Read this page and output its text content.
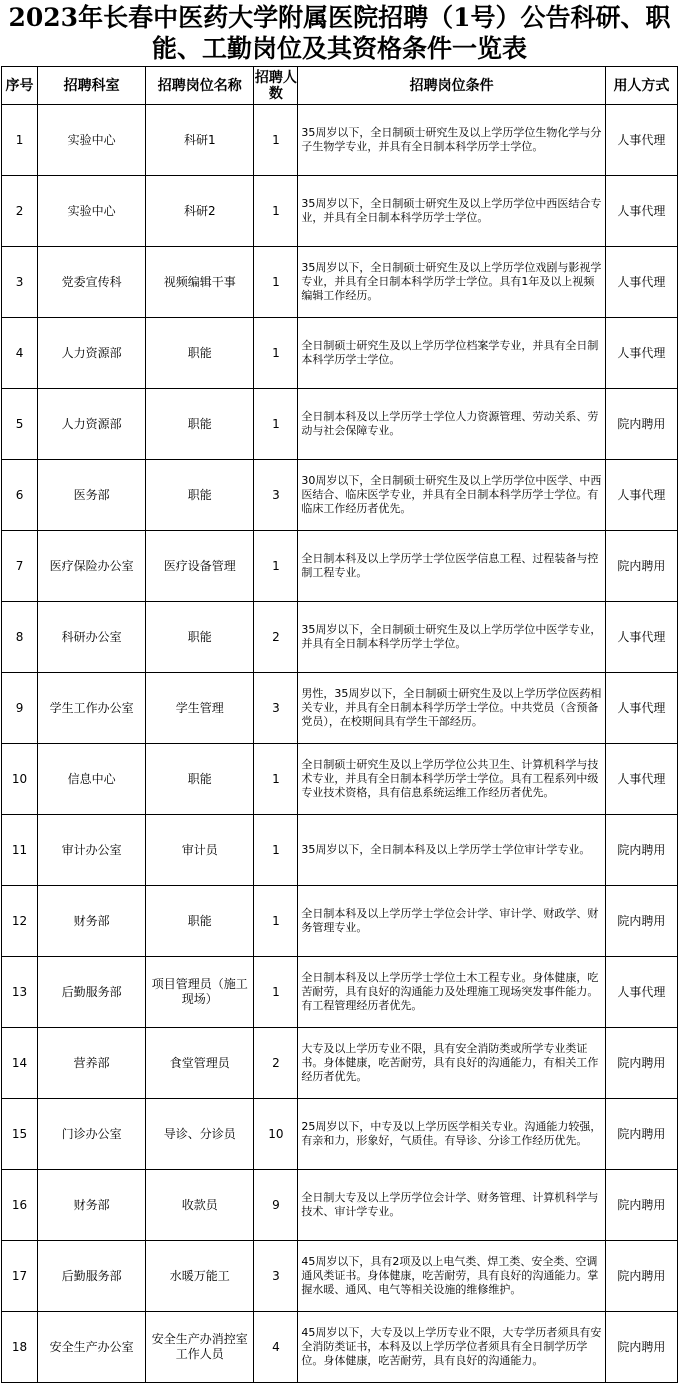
2023年长春中医药大学附属医院招聘（1号）公告科研、职能、工勤岗位及其资格条件一览表
序号	招聘科室	招聘岗位名称	招聘人数	招聘岗位条件	用人方式
1	实验中心	科研1	1	35周岁以下，全日制硕士研究生及以上学历学位生物化学与分子生物学专业，并具有全日制本科学历学士学位。	人事代理
2	实验中心	科研2	1	35周岁以下，全日制硕士研究生及以上学历学位中西医结合专业，并具有全日制本科学历学士学位。	人事代理
3	党委宣传科	视频编辑干事	1	35周岁以下，全日制硕士研究生及以上学历学位戏剧与影视学专业，并具有全日制本科学历学士学位。具有1年及以上视频编辑工作经历。	人事代理
4	人力资源部	职能	1	全日制硕士研究生及以上学历学位档案学专业，并具有全日制本科学历学士学位。	人事代理
5	人力资源部	职能	1	全日制本科及以上学历学士学位人力资源管理、劳动关系、劳动与社会保障专业。	院内聘用
6	医务部	职能	3	30周岁以下，全日制硕士研究生及以上学历学位中医学、中西医结合、临床医学专业，并具有全日制本科学历学士学位。有临床工作经历者优先。	人事代理
7	医疗保险办公室	医疗设备管理	1	全日制本科及以上学历学士学位医学信息工程、过程装备与控制工程专业。	院内聘用
8	科研办公室	职能	2	35周岁以下，全日制硕士研究生及以上学历学位中医学专业，并具有全日制本科学历学士学位。	人事代理
9	学生工作办公室	学生管理	3	男性，35周岁以下，全日制硕士研究生及以上学历学位医药相关专业，并具有全日制本科学历学士学位。中共党员（含预备党员），在校期间具有学生干部经历。	人事代理
10	信息中心	职能	1	全日制硕士研究生及以上学历学位公共卫生、计算机科学与技术专业，并具有全日制本科学历学士学位。具有工程系列中级专业技术资格，具有信息系统运维工作经历者优先。	人事代理
11	审计办公室	审计员	1	35周岁以下，全日制本科及以上学历学士学位审计学专业。	院内聘用
12	财务部	职能	1	全日制本科及以上学历学士学位会计学、审计学、财政学、财务管理专业。	院内聘用
13	后勤服务部	项目管理员（施工现场）	1	全日制本科及以上学历学士学位土木工程专业。身体健康，吃苦耐劳，具有良好的沟通能力及处理施工现场突发事件能力。有工程管理经历者优先。	人事代理
14	营养部	食堂管理员	2	大专及以上学历专业不限，具有安全消防类或所学专业类证书。身体健康，吃苦耐劳，具有良好的沟通能力，有相关工作经历者优先。	院内聘用
15	门诊办公室	导诊、分诊员	10	25周岁以下，中专及以上学历医学相关专业。沟通能力较强，有亲和力，形象好，气质佳。有导诊、分诊工作经历优先。	院内聘用
16	财务部	收款员	9	全日制大专及以上学历学位会计学、财务管理、计算机科学与技术、审计学专业。	院内聘用
17	后勤服务部	水暖万能工	3	45周岁以下，具有2项及以上电气类、焊工类、安全类、空调通风类证书。身体健康，吃苦耐劳，具有良好的沟通能力。掌握水暖、通风、电气等相关设施的维修维护。	院内聘用
18	安全生产办公室	安全生产办消控室工作人员	4	45周岁以下，大专及以上学历专业不限，大专学历者须具有安全消防类证书，本科及以上学历学位者须具有全日制学历学位。身体健康，吃苦耐劳，具有良好的沟通能力。	院内聘用
